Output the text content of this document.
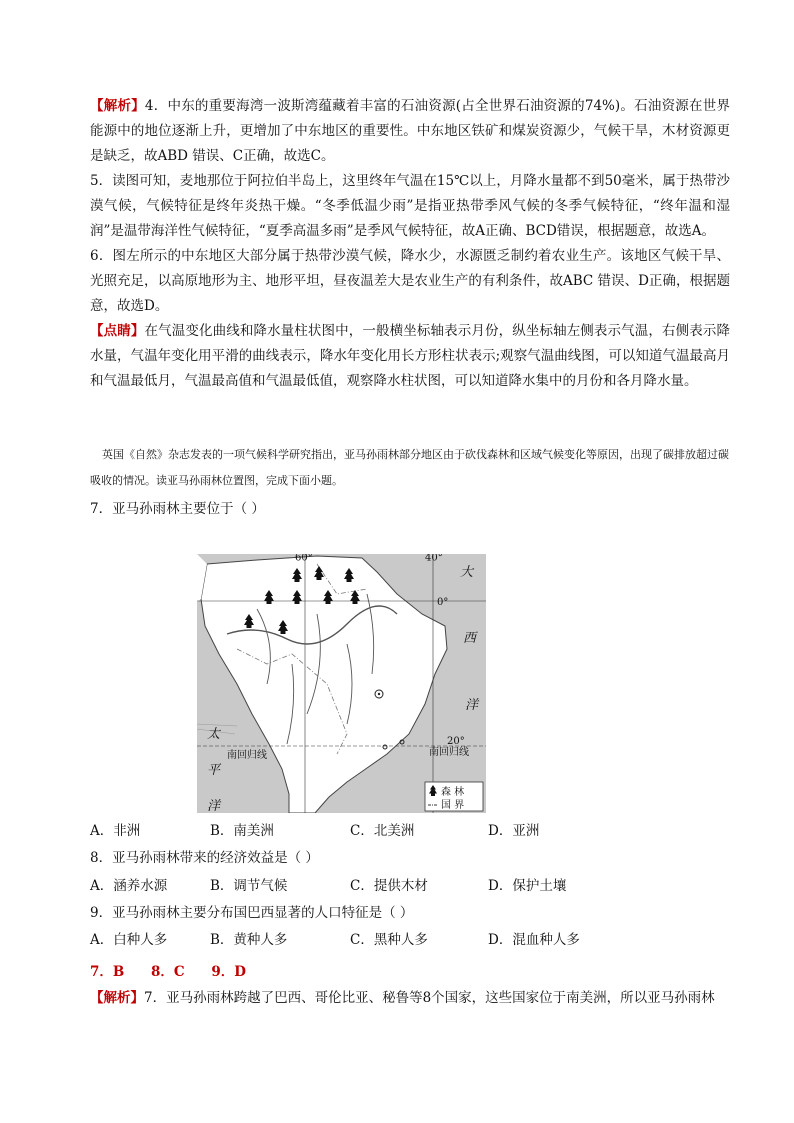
【解析】4．中东的重要海湾一波斯湾蕴藏着丰富的石油资源(占全世界石油资源的74%)。石油资源在世界能源中的地位逐渐上升，更增加了中东地区的重要性。中东地区铁矿和煤炭资源少，气候干旱，木材资源更是缺乏，故ABD 错误、C正确，故选C。

5．读图可知，麦地那位于阿拉伯半岛上，这里终年气温在15℃以上，月降水量都不到50毫米，属于热带沙漠气候，气候特征是终年炎热干燥。“冬季低温少雨”是指亚热带季风气候的冬季气候特征，“终年温和湿润”是温带海洋性气候特征，“夏季高温多雨”是季风气候特征，故A正确、BCD错误，根据题意，故选A。

6．图左所示的中东地区大部分属于热带沙漠气候，降水少，水源匮乏制约着农业生产。该地区气候干旱、光照充足，以高原地形为主、地形平坦，昼夜温差大是农业生产的有利条件，故ABC 错误、D正确，根据题意，故选D。

【点睛】在气温变化曲线和降水量柱状图中，一般横坐标轴表示月份，纵坐标轴左侧表示气温，右侧表示降水量，气温年变化用平滑的曲线表示，降水年变化用长方形柱状表示;观察气温曲线图，可以知道气温最高月和气温最低月，气温最高值和气温最低值，观察降水柱状图，可以知道降水集中的月份和各月降水量。

英国《自然》杂志发表的一项气候科学研究指出，亚马孙雨林部分地区由于砍伐森林和区域气候变化等原因，出现了碳排放超过碳吸收的情况。读亚马孙雨林位置图，完成下面小题。
7．亚马孙雨林主要位于（ ）
60°	40°
0°
20°
大
西
洋
太
平
洋
南回归线	南回归线
森 林
国 界
A．非洲	B．南美洲	C．北美洲	D．亚洲
8．亚马孙雨林带来的经济效益是（ ）
A．涵养水源	B．调节气候	C．提供木材	D．保护土壤
9．亚马孙雨林主要分布国巴西显著的人口特征是（ ）
A．白种人多	B．黄种人多	C．黑种人多	D．混血种人多
7．B 8．C 9．D
【解析】7．亚马孙雨林跨越了巴西、哥伦比亚、秘鲁等8个国家，这些国家位于南美洲，所以亚马孙雨林
